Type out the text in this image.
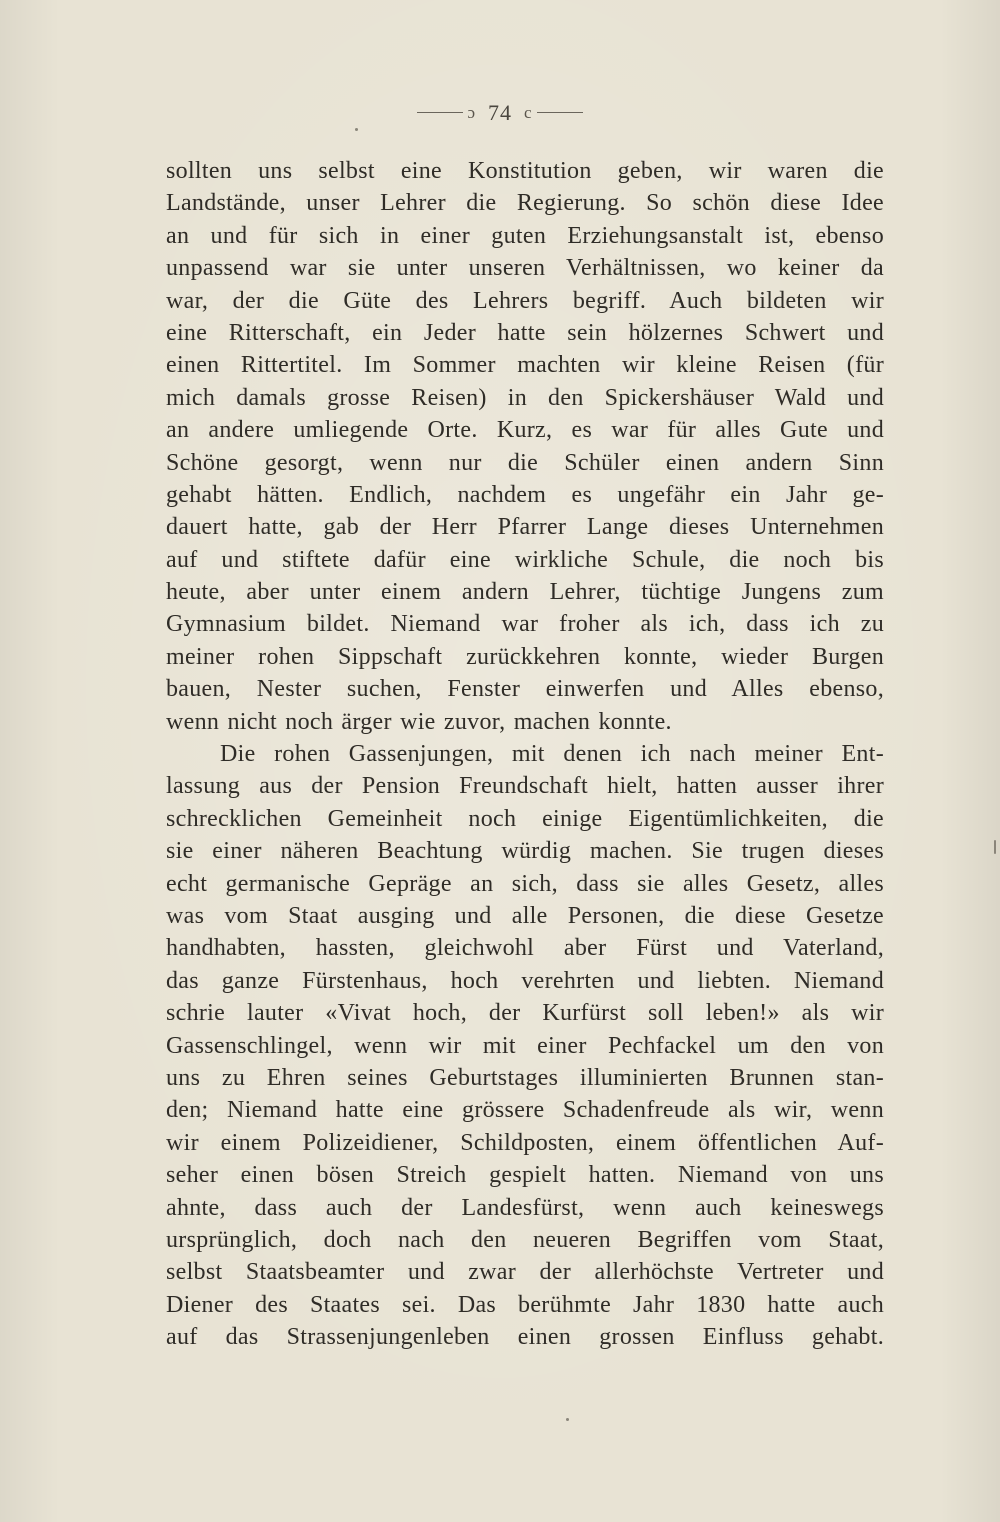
ɔ 74 c
sollten uns selbst eine Konstitution geben, wir waren die
Landstände, unser Lehrer die Regierung. So schön diese Idee
an und für sich in einer guten Erziehungsanstalt ist, ebenso
unpassend war sie unter unseren Verhältnissen, wo keiner da
war, der die Güte des Lehrers begriff. Auch bildeten wir
eine Ritterschaft, ein Jeder hatte sein hölzernes Schwert und
einen Rittertitel. Im Sommer machten wir kleine Reisen (für
mich damals grosse Reisen) in den Spickershäuser Wald und
an andere umliegende Orte. Kurz, es war für alles Gute und
Schöne gesorgt, wenn nur die Schüler einen andern Sinn
gehabt hätten. Endlich, nachdem es ungefähr ein Jahr ge-
dauert hatte, gab der Herr Pfarrer Lange dieses Unternehmen
auf und stiftete dafür eine wirkliche Schule, die noch bis
heute, aber unter einem andern Lehrer, tüchtige Jungens zum
Gymnasium bildet. Niemand war froher als ich, dass ich zu
meiner rohen Sippschaft zurückkehren konnte, wieder Burgen
bauen, Nester suchen, Fenster einwerfen und Alles ebenso,
wenn nicht noch ärger wie zuvor, machen konnte.
Die rohen Gassenjungen, mit denen ich nach meiner Ent-
lassung aus der Pension Freundschaft hielt, hatten ausser ihrer
schrecklichen Gemeinheit noch einige Eigentümlichkeiten, die
sie einer näheren Beachtung würdig machen. Sie trugen dieses
echt germanische Gepräge an sich, dass sie alles Gesetz, alles
was vom Staat ausging und alle Personen, die diese Gesetze
handhabten, hassten, gleichwohl aber Fürst und Vaterland,
das ganze Fürstenhaus, hoch verehrten und liebten. Niemand
schrie lauter «Vivat hoch, der Kurfürst soll leben!» als wir
Gassenschlingel, wenn wir mit einer Pechfackel um den von
uns zu Ehren seines Geburtstages illuminierten Brunnen stan-
den; Niemand hatte eine grössere Schadenfreude als wir, wenn
wir einem Polizeidiener, Schildposten, einem öffentlichen Auf-
seher einen bösen Streich gespielt hatten. Niemand von uns
ahnte, dass auch der Landesfürst, wenn auch keineswegs
ursprünglich, doch nach den neueren Begriffen vom Staat,
selbst Staatsbeamter und zwar der allerhöchste Vertreter und
Diener des Staates sei. Das berühmte Jahr 1830 hatte auch
auf das Strassenjungenleben einen grossen Einfluss gehabt.
